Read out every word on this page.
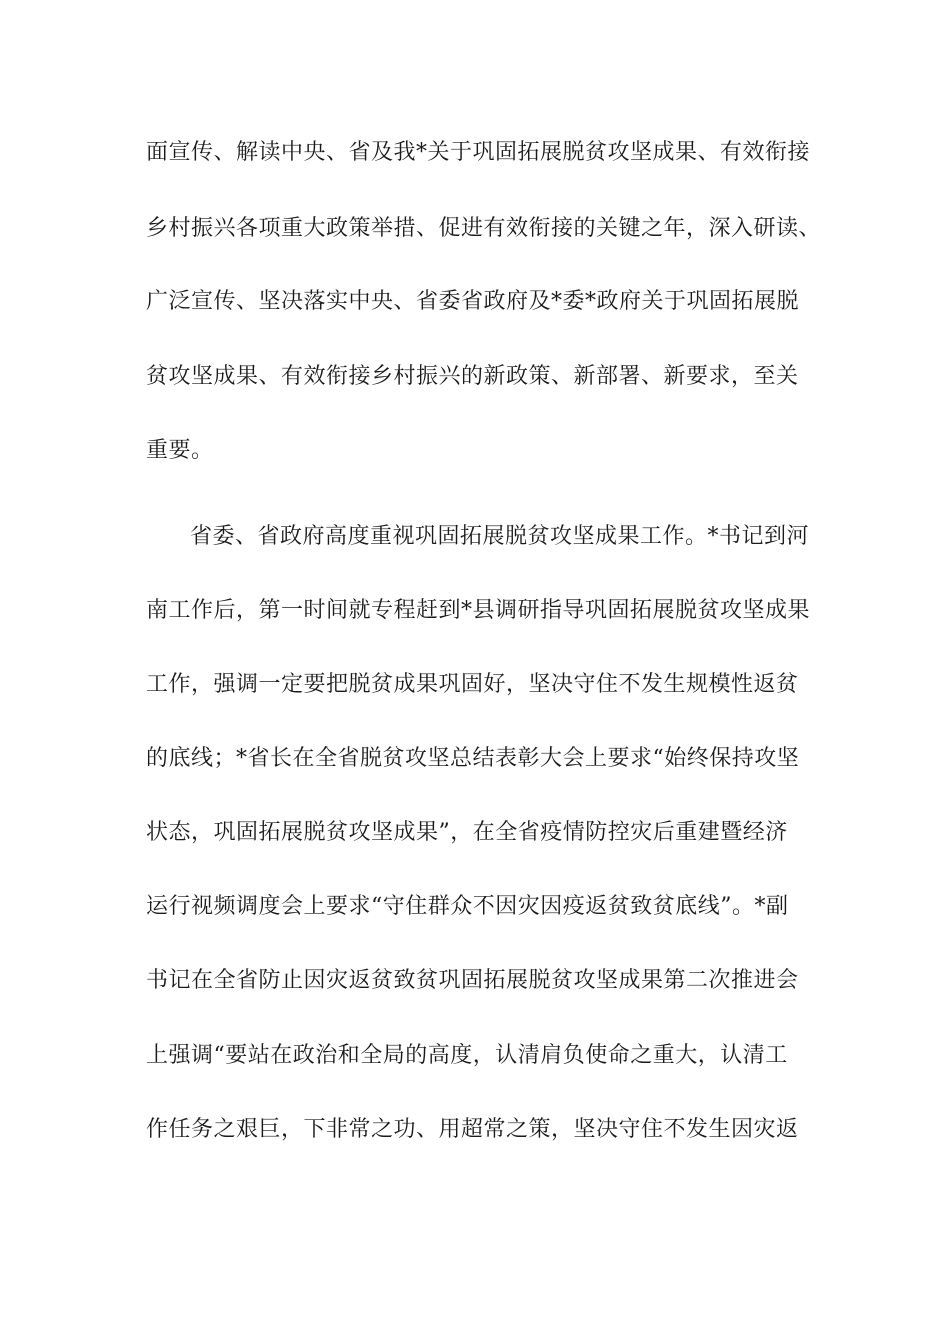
面宣传、解读中央、省及我*关于巩固拓展脱贫攻坚成果、有效衔接
乡村振兴各项重大政策举措、促进有效衔接的关键之年，深入研读、
广泛宣传、坚决落实中央、省委省政府及*委*政府关于巩固拓展脱
贫攻坚成果、有效衔接乡村振兴的新政策、新部署、新要求，至关
重要。
省委、省政府高度重视巩固拓展脱贫攻坚成果工作。*书记到河
南工作后，第一时间就专程赶到*县调研指导巩固拓展脱贫攻坚成果
工作，强调一定要把脱贫成果巩固好，坚决守住不发生规模性返贫
的底线；*省长在全省脱贫攻坚总结表彰大会上要求“始终保持攻坚
状态，巩固拓展脱贫攻坚成果”，在全省疫情防控灾后重建暨经济
运行视频调度会上要求“守住群众不因灾因疫返贫致贫底线”。*副
书记在全省防止因灾返贫致贫巩固拓展脱贫攻坚成果第二次推进会
上强调“要站在政治和全局的高度，认清肩负使命之重大，认清工
作任务之艰巨，下非常之功、用超常之策，坚决守住不发生因灾返
